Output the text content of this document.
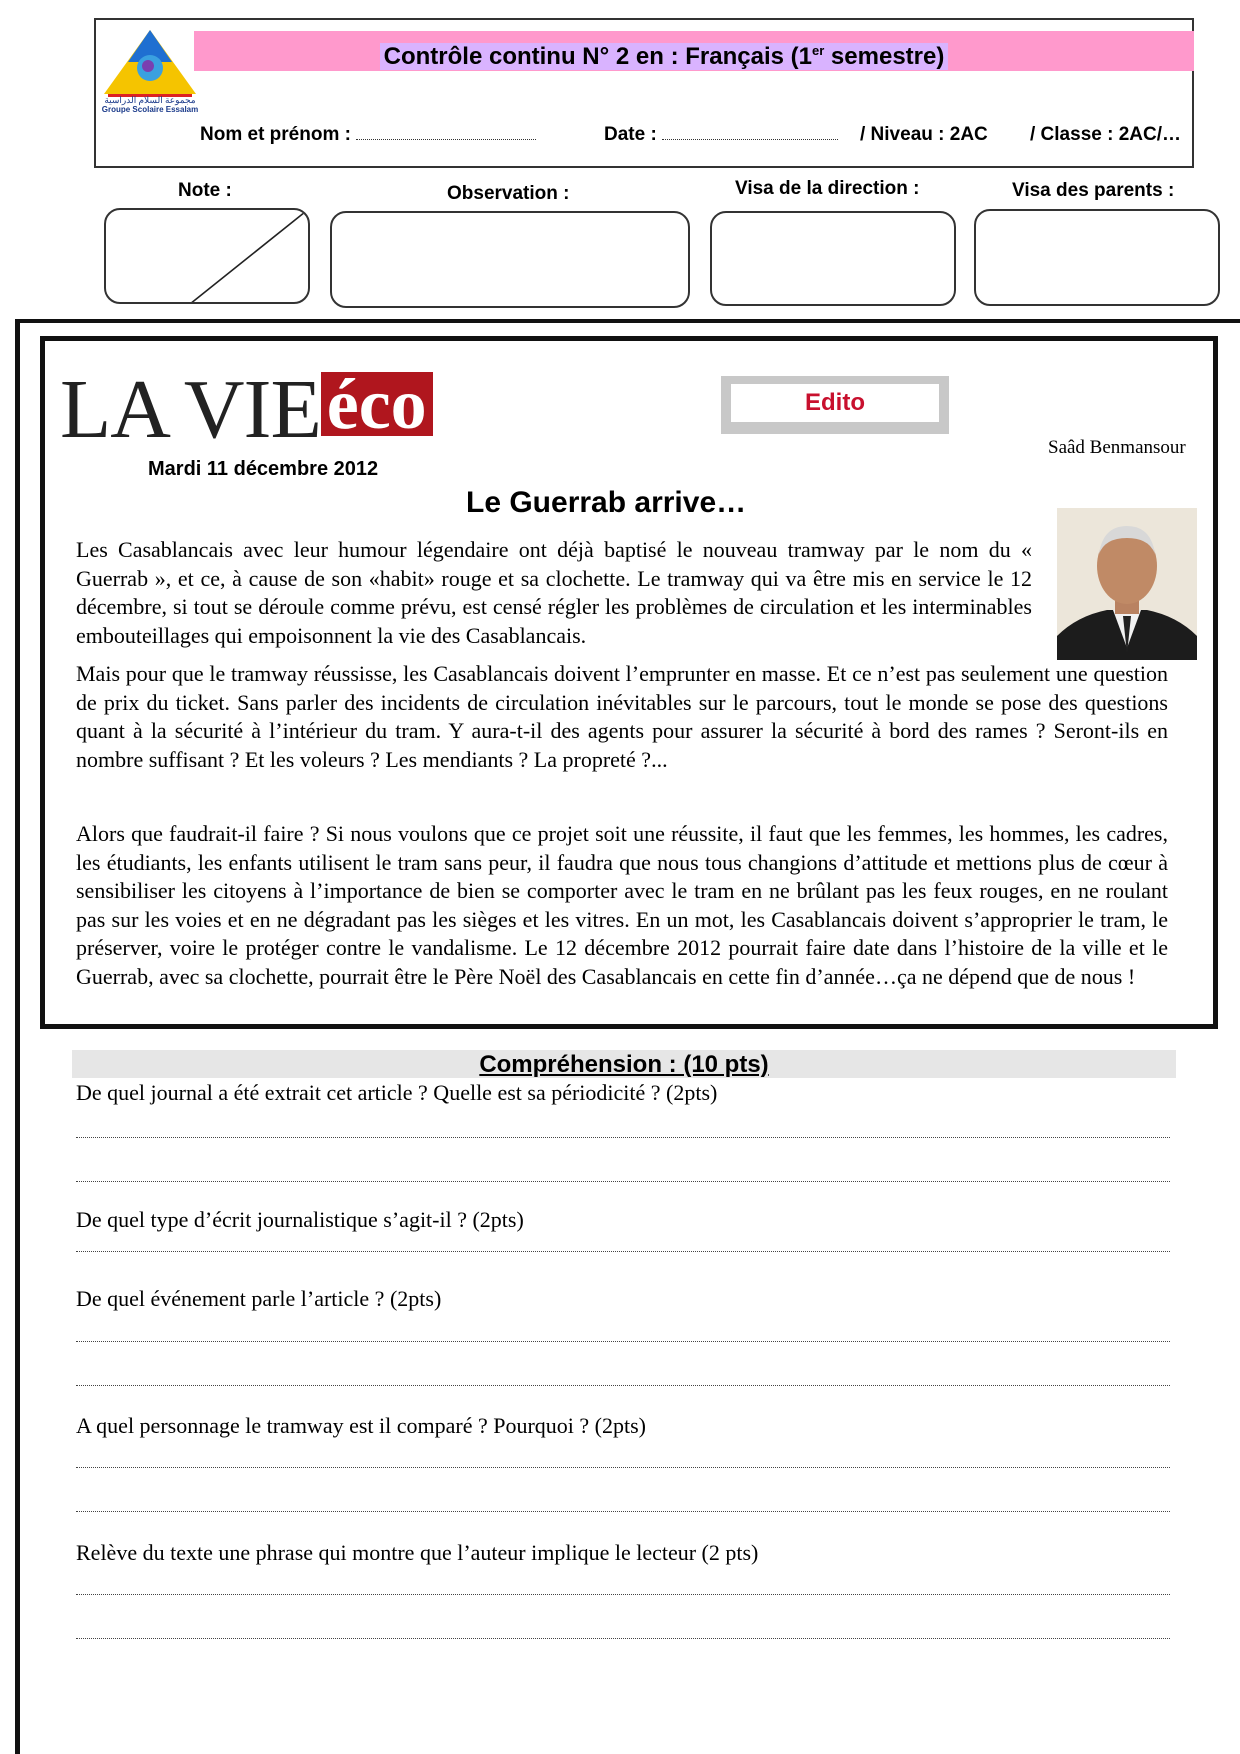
مجموعة السلام الدراسية
Groupe Scolaire Essalam
Contrôle continu N° 2 en : Français (1er semestre)
Nom et prénom :	Date :	/ Niveau : 2AC / Classe : 2AC/…
Note :	Observation :	Visa de la direction :	Visa des parents :
LA VIEéco	Edito
Saâd Benmansour
Mardi 11 décembre 2012
Le Guerrab arrive…
Les Casablancais avec leur humour légendaire ont déjà baptisé le nouveau tramway par le nom du « Guerrab », et ce, à cause de son «habit» rouge et sa clochette. Le tramway qui va être mis en service le 12 décembre, si tout se déroule comme prévu, est censé régler les problèmes de circulation et les interminables embouteillages qui empoisonnent la vie des Casablancais.
Mais pour que le tramway réussisse, les Casablancais doivent l’emprunter en masse. Et ce n’est pas seulement une question de prix du ticket. Sans parler des incidents de circulation inévitables sur le parcours, tout le monde se pose des questions quant à la sécurité à l’intérieur du tram. Y aura-t-il des agents pour assurer la sécurité à bord des rames ? Seront-ils en nombre suffisant ? Et les voleurs ? Les mendiants ? La propreté ?...
Alors que faudrait-il faire ? Si nous voulons que ce projet soit une réussite, il faut que les femmes, les hommes, les cadres, les étudiants, les enfants utilisent le tram sans peur, il faudra que nous tous changions d’attitude et mettions plus de cœur à sensibiliser les citoyens à l’importance de bien se comporter avec le tram en ne brûlant pas les feux rouges, en ne roulant pas sur les voies et en ne dégradant pas les sièges et les vitres. En un mot, les Casablancais doivent s’approprier le tram, le préserver, voire le protéger contre le vandalisme. Le 12 décembre 2012 pourrait faire date dans l’histoire de la ville et le Guerrab, avec sa clochette, pourrait être le Père Noël des Casablancais en cette fin d’année…ça ne dépend que de nous !
Compréhension : (10 pts)
De quel journal a été extrait cet article ? Quelle est sa périodicité ? (2pts)
De quel type d’écrit journalistique s’agit-il ? (2pts)
De quel événement parle l’article ? (2pts)
A quel personnage le tramway est il comparé ? Pourquoi ? (2pts)
Relève du texte une phrase qui montre que l’auteur implique le lecteur (2 pts)
